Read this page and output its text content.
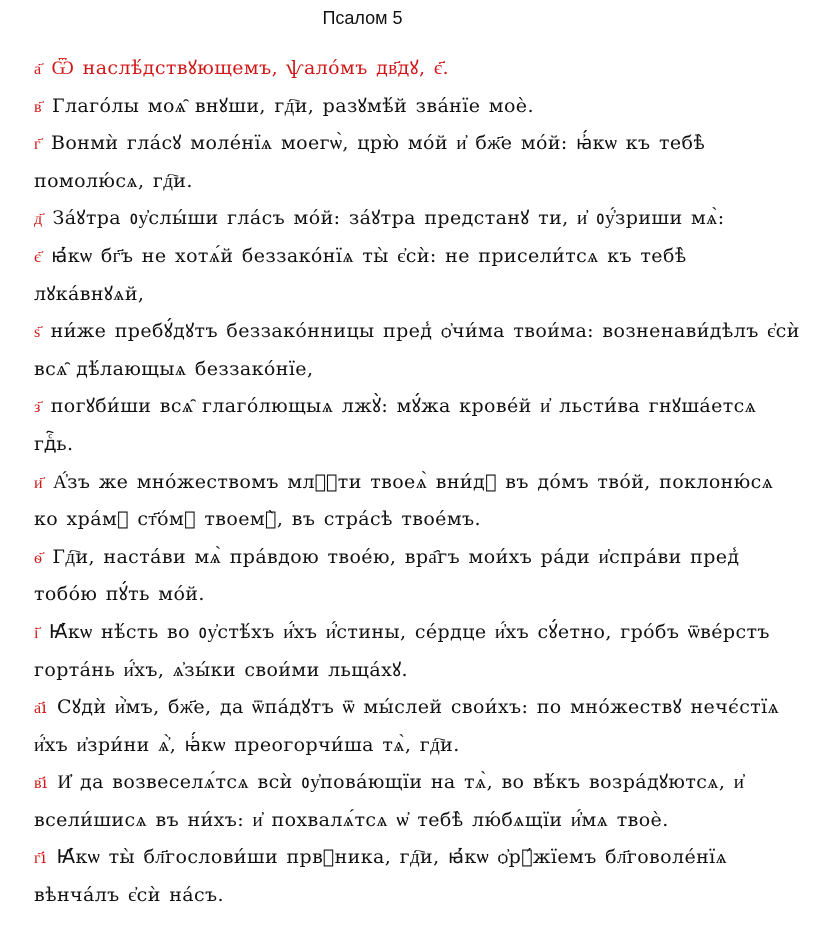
Псалом 5
а҃ Ѿ наслѣ́дствꙋющемъ, ѱало́мъ дв҃дꙋ, є҃.
в҃ Глаго́лы моѧ̑ внꙋши, гд҇и, разꙋмѣ́й зва́нїе моѐ.
г҃ Вонмѝ гла́сꙋ моле́нїѧ моегѡ̀, црю̀ мо́й и҆ бж҃е мо́й: ꙗ҆́кѡ къ тебѣ̀ помолю́сѧ, гд҇и.
д҃ За́ꙋтра ᲂу҆слы́ши гла́съ мо́й: за́ꙋтра предстанꙋ ти, и҆ ᲂу҆́зриши мѧ̀:
є҃ ꙗ҆́кѡ бг҃ъ не хотѧ́й беззако́нїѧ ты̀ є҆сѝ: не присели́тсѧ къ тебѣ̀ лꙋка́внꙋѧй,
ѕ҃ ни́же пребꙋ́дꙋтъ беззако́нницы пред̾ ѻ҆чи́ма твои́ма: возненави́дѣлъ є҆сѝ всѧ̑ дѣ́лающыѧ беззако́нїе,
з҃ погꙋби́ши всѧ̑ глаго́лющыѧ лжꙋ̀: мꙋ́жа крове́й и҆ льсти́ва гнꙋша́етсѧ гдⷭ҇ь.
и҃ А҆́зъ же мно́жествомъ млⷭ҇ти твоеѧ̀ вни́дꙋ въ до́мъ тво́й, поклоню́сѧ ко хра́мꙋ ст҃о́мꙋ твоемꙋ̀, въ стра́сѣ твое́мъ.
ѳ҃ Гд҇и, наста́ви мѧ̀ пра́вдою твое́ю, вра҄гъ мои́хъ ра́ди и҆спра́ви пред̾ тобо́ю пꙋ́ть мо́й.
і҃ Ꙗ҆́кѡ нѣ́сть во ᲂу҆стѣ́хъ и҆́хъ и҆́стины, се́рдце и҆́хъ сꙋ́етно, гро́бъ ѿве́рстъ горта́нь и҆́хъ, ѧ҆зы́ки свои́ми льща́хꙋ.
а҃і Сꙋдѝ и҆̀мъ, бж҃е, да ѿпа́дꙋтъ ѿ мы́слей свои́хъ: по мно́жествꙋ нечє́стїѧ и҆́хъ и҆зри́ни ѧ҆̀, ꙗ҆́кѡ преогорчи́ша тѧ̀, гд҇и.
в҃і И҆ да возвеселѧ́тсѧ всѝ ᲂу҆пова́ющїи на тѧ̀, во вѣ́къ возра́дꙋютсѧ, и҆ всели́шисѧ въ ни́хъ: и҆ похвалѧ́тсѧ ѡ҆ тебѣ̀ лю́бѧщїи и҆́мѧ твоѐ.
г҃і Ꙗ҆́кѡ ты̀ бл҃гослови́ши првⷣника, гд҇и, ꙗ҆́кѡ ѻ҆рꙋ́жїемъ бл҃говоле́нїѧ вѣнча́лъ є҆сѝ на́съ.
